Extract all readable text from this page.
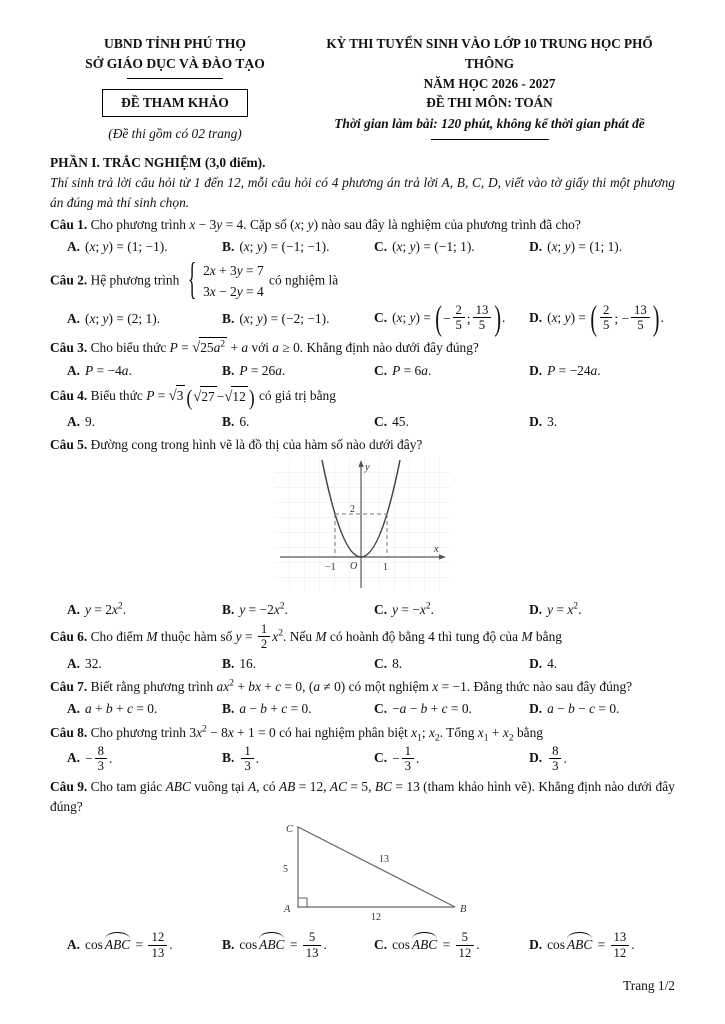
UBND TỈNH PHÚ THỌ
SỞ GIÁO DỤC VÀ ĐÀO TẠO
ĐỀ THAM KHẢO
(Đề thi gồm có 02 trang)
KỲ THI TUYỂN SINH VÀO LỚP 10 TRUNG HỌC PHỔ THÔNG
NĂM HỌC 2026 - 2027
ĐỀ THI MÔN: TOÁN
Thời gian làm bài: 120 phút, không kể thời gian phát đề
PHẦN I. TRẮC NGHIỆM (3,0 điểm).
Thí sinh trả lời câu hỏi từ 1 đến 12, mỗi câu hỏi có 4 phương án trả lời A, B, C, D, viết vào tờ giấy thi một phương án đúng mà thí sinh chọn.
Câu 1. Cho phương trình x − 3y = 4. Cặp số (x; y) nào sau đây là nghiệm của phương trình đã cho?
A. (x; y) = (1; −1).	B. (x; y) = (−1; −1).	C. (x; y) = (−1; 1).	D. (x; y) = (1; 1).
Câu 2. Hệ phương trình { 2x + 3y = 7
3x − 2y = 4
có nghiệm là
A. (x; y) = (2; 1).	B. (x; y) = (−2; −1).	C. (x; y) = ( − $\frac{2}{5}$ ; $\frac{13}{5}$ ) .	D. (x; y) = ( $\frac{2}{5}$ ; − $\frac{13}{5}$ ) .
Câu 3. Cho biểu thức $P = √25a^2 + a$ với a ≥ 0. Khẳng định nào dưới đây đúng?
A. P = −4a.	B. P = 26a.	C. P = 6a.	D. P = −24a.
Câu 4. Biểu thức P = √3 ( √27 − √12 ) có giá trị bằng
A. 9.	B. 6.	C. 45.	D. 3.
Câu 5. Đường cong trong hình vẽ là đồ thị của hàm số nào dưới đây?
y
x
2
−1 O	1
A. $y = 2x^2$.	B. $y = -2x^2$.	C. $y = -x^2$.	D. $y = x^2$.
Câu 6. Cho điểm M thuộc hàm số $y = \frac{1}{2} x^2$. Nếu M có hoành độ bằng 4 thì tung độ của M bằng
A. 32.	B. 16.	C. 8.	D. 4.
Câu 7. Biết rằng phương trình $ax^2$ + bx + c = 0, (a ≠ 0) có một nghiệm x = −1. Đẳng thức nào sau đây đúng?
A. a + b + c = 0.	B. a − b + c = 0.	C. −a − b + c = 0.	D. a − b − c = 0.
Câu 8. Cho phương trình $3x^2 - 8x + 1 = 0$ có hai nghiệm phân biệt $x_1$; $x_2$. Tổng $x_1 + x_2$ bằng
A. − $\frac{8}{3}$ .	B. $\frac{1}{3}$ .	C. − $\frac{1}{3}$ .	D. $\frac{8}{3}$ .
Câu 9. Cho tam giác ABC vuông tại A, có AB = 12, AC = 5, BC = 13 (tham khảo hình vẽ). Khẳng định nào dưới đây đúng?
C
A	B
5
13
12
A. cos ABC = $\frac{12}{13}$ .	B. cos ABC = $\frac{5}{13}$ .	C. cos ABC = $\frac{5}{12}$ .	D. cos ABC = $\frac{13}{12}$ .
Trang 1/2
